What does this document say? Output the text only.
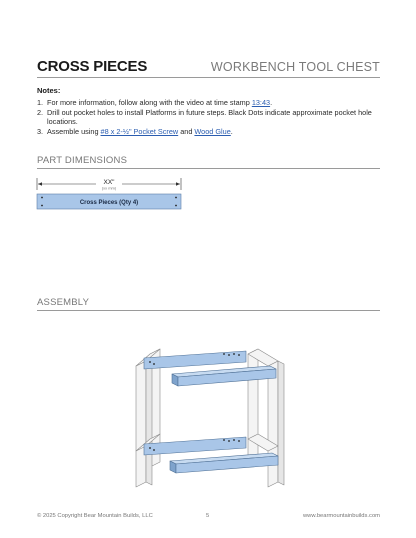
CROSS PIECES	WORKBENCH TOOL CHEST
Notes:
1. For more information, follow along with the video at time stamp 13:43.
2. Drill out pocket holes to install Platforms in future steps. Black Dots indicate approximate pocket hole locations.
3. Assemble using #8 x 2-½" Pocket Screw and Wood Glue.
PART DIMENSIONS
XX"
(xx mm)
Cross Pieces (Qty 4)
ASSEMBLY
© 2025 Copyright Bear Mountain Builds, LLC	5	www.bearmountainbuilds.com
